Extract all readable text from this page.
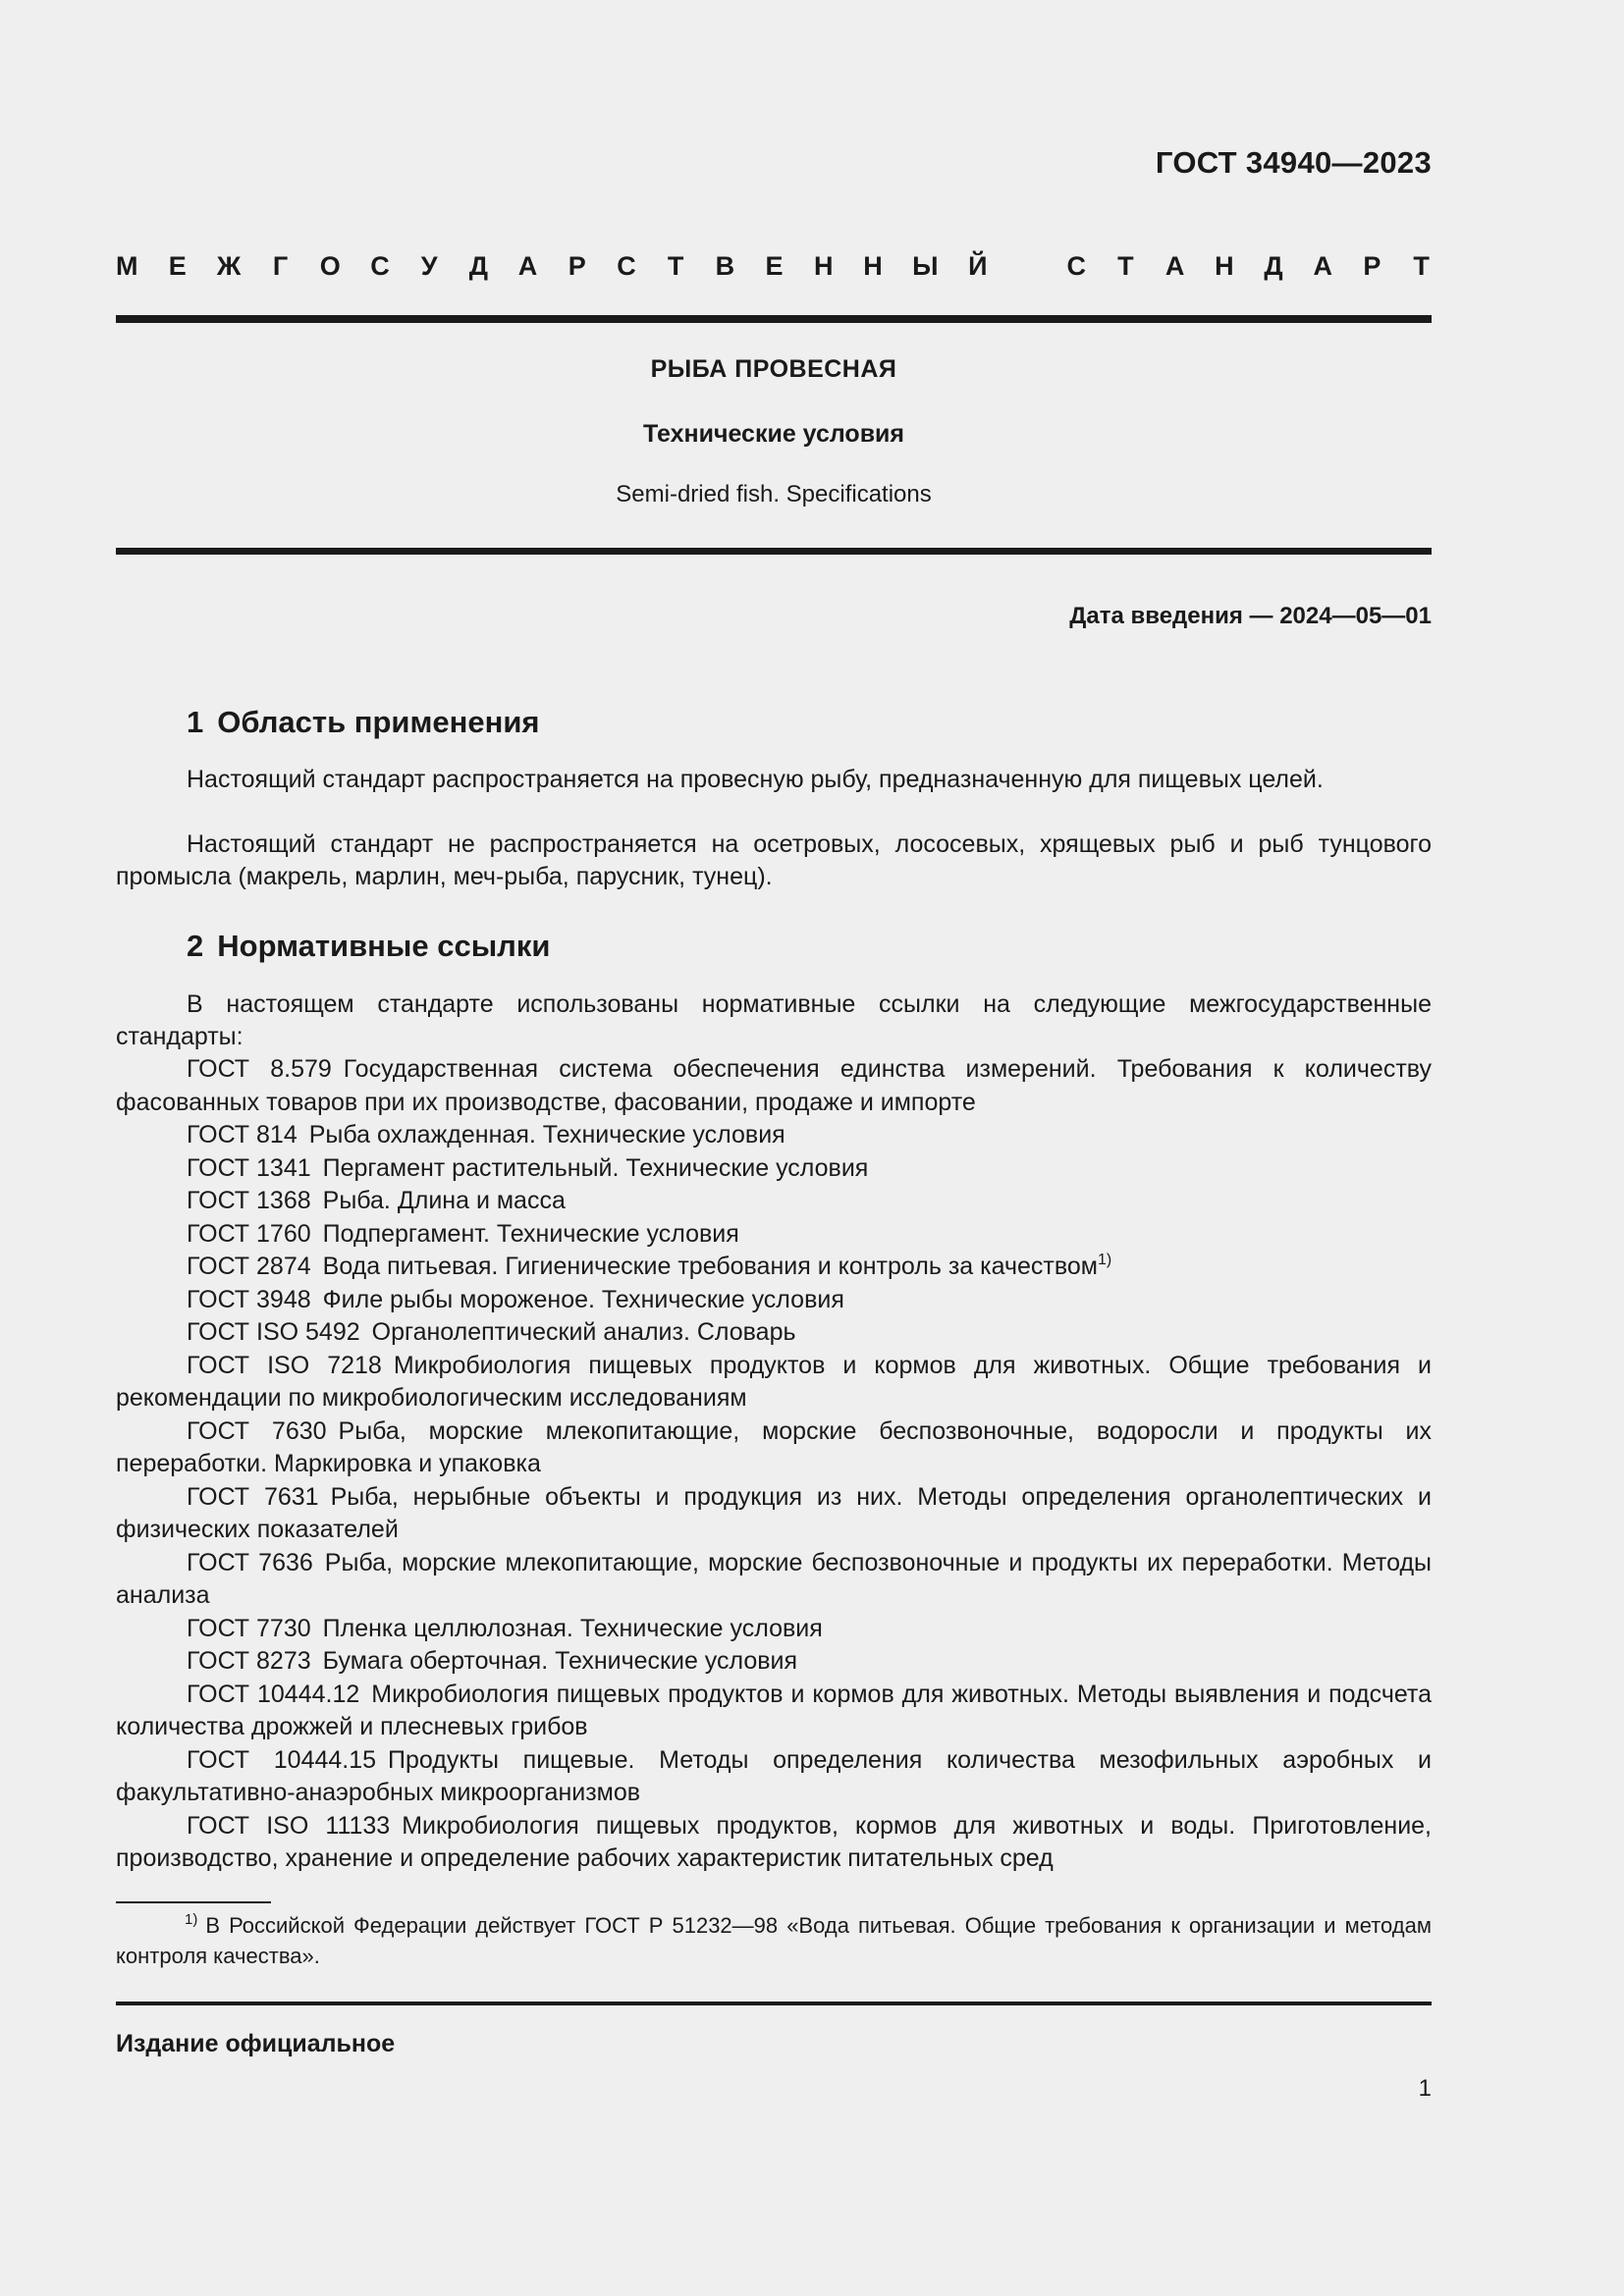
ГОСТ 34940—2023
М Е Ж Г О С У Д А Р С Т В Е Н Н Ы Й	С Т А Н Д А Р Т
РЫБА ПРОВЕСНАЯ
Технические условия
Semi-dried fish. Specifications
Дата введения — 2024—05—01
1 Область применения
Настоящий стандарт распространяется на провесную рыбу, предназначенную для пищевых целей.
Настоящий стандарт не распространяется на осетровых, лососевых, хрящевых рыб и рыб тунцового промысла (макрель, марлин, меч-рыба, парусник, тунец).
2 Нормативные ссылки
В настоящем стандарте использованы нормативные ссылки на следующие межгосударственные стандарты:
ГОСТ 8.579 Государственная система обеспечения единства измерений. Требования к количеству фасованных товаров при их производстве, фасовании, продаже и импорте
ГОСТ 814 Рыба охлажденная. Технические условия
ГОСТ 1341 Пергамент растительный. Технические условия
ГОСТ 1368 Рыба. Длина и масса
ГОСТ 1760 Подпергамент. Технические условия
ГОСТ 2874 Вода питьевая. Гигиенические требования и контроль за качеством$^{1)}$
ГОСТ 3948 Филе рыбы мороженое. Технические условия
ГОСТ ISO 5492 Органолептический анализ. Словарь
ГОСТ ISO 7218 Микробиология пищевых продуктов и кормов для животных. Общие требования и рекомендации по микробиологическим исследованиям
ГОСТ 7630 Рыба, морские млекопитающие, морские беспозвоночные, водоросли и продукты их переработки. Маркировка и упаковка
ГОСТ 7631 Рыба, нерыбные объекты и продукция из них. Методы определения органолептических и физических показателей
ГОСТ 7636 Рыба, морские млекопитающие, морские беспозвоночные и продукты их переработки. Методы анализа
ГОСТ 7730 Пленка целлюлозная. Технические условия
ГОСТ 8273 Бумага оберточная. Технические условия
ГОСТ 10444.12 Микробиология пищевых продуктов и кормов для животных. Методы выявления и подсчета количества дрожжей и плесневых грибов
ГОСТ 10444.15 Продукты пищевые. Методы определения количества мезофильных аэробных и факультативно-анаэробных микроорганизмов
ГОСТ ISO 11133 Микробиология пищевых продуктов, кормов для животных и воды. Приготовление, производство, хранение и определение рабочих характеристик питательных сред
$^{1)}$ В Российской Федерации действует ГОСТ Р 51232—98 «Вода питьевая. Общие требования к организации и методам контроля качества».
Издание официальное
1
